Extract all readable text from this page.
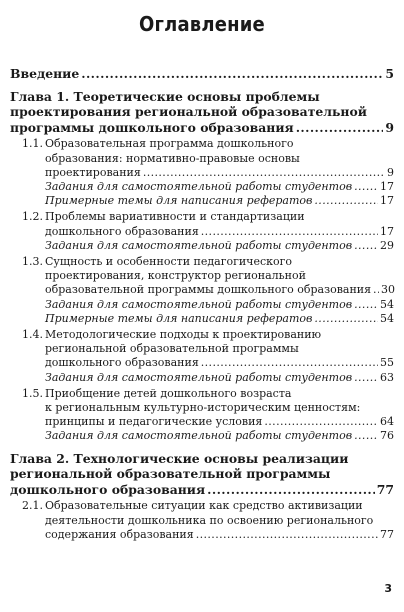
Оглавление
Введение .....	5
Глава 1. Теоретические основы проблемы
проектирования региональной образовательной
программы дошкольного образования .....	9
1.1. Образовательная программа дошкольного
образования: нормативно-правовые основы
проектирования .....	9
Задания для самостоятельной работы студентов .....	17
Примерные темы для написания рефератов .....	17
1.2. Проблемы вариативности и стандартизации
дошкольного образования .....	17
Задания для самостоятельной работы студентов .....	29
1.3. Сущность и особенности педагогического
проектирования, конструктор региональной
образовательной программы дошкольного образования ..... 30
Задания для самостоятельной работы студентов .....	54
Примерные темы для написания рефератов .....	54
1.4. Методологические подходы к проектированию
региональной образовательной программы
дошкольного образования .....	55
Задания для самостоятельной работы студентов .....	63
1.5. Приобщение детей дошкольного возраста
к региональным культурно-историческим ценностям:
принципы и педагогические условия .....	64
Задания для самостоятельной работы студентов .....	76
Глава 2. Технологические основы реализации
региональной образовательной программы
дошкольного образования .....	77
2.1. Образовательные ситуации как средство активизации
деятельности дошкольника по освоению регионального
содержания образования .....	77
3
